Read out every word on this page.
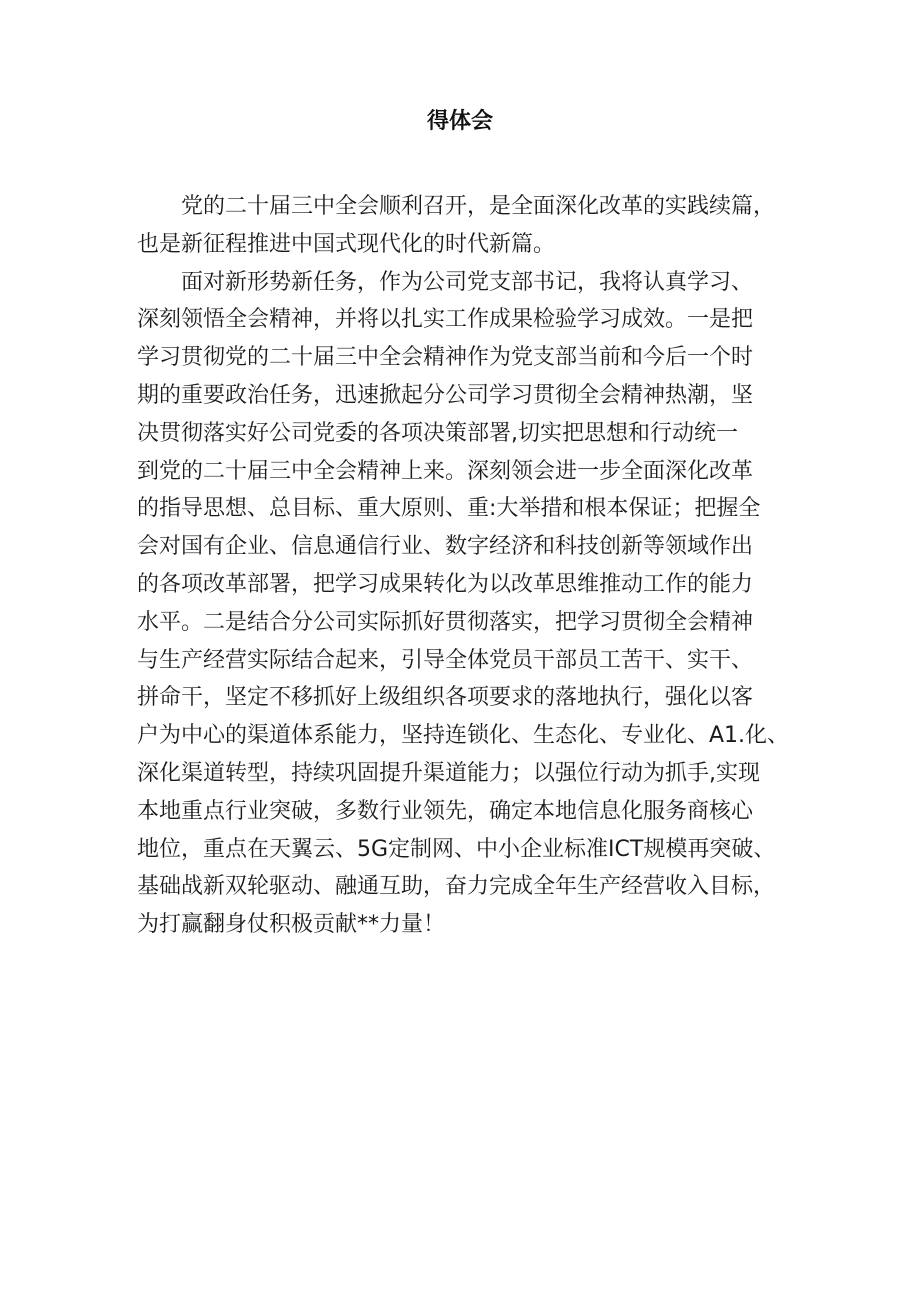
得体会
党的二十届三中全会顺利召开，是全面深化改革的实践续篇，
也是新征程推进中国式现代化的时代新篇。
面对新形势新任务，作为公司党支部书记，我将认真学习、
深刻领悟全会精神，并将以扎实工作成果检验学习成效。一是把
学习贯彻党的二十届三中全会精神作为党支部当前和今后一个时
期的重要政治任务，迅速掀起分公司学习贯彻全会精神热潮，坚
决贯彻落实好公司党委的各项决策部署,切实把思想和行动统一
到党的二十届三中全会精神上来。深刻领会进一步全面深化改革
的指导思想、总目标、重大原则、重:大举措和根本保证；把握全
会对国有企业、信息通信行业、数字经济和科技创新等领域作出
的各项改革部署，把学习成果转化为以改革思维推动工作的能力
水平。二是结合分公司实际抓好贯彻落实，把学习贯彻全会精神
与生产经营实际结合起来，引导全体党员干部员工苦干、实干、
拼命干，坚定不移抓好上级组织各项要求的落地执行，强化以客
户为中心的渠道体系能力，坚持连锁化、生态化、专业化、A1.化、
深化渠道转型，持续巩固提升渠道能力；以强位行动为抓手,实现
本地重点行业突破，多数行业领先，确定本地信息化服务商核心
地位，重点在天翼云、5G定制网、中小企业标准ICT规模再突破、
基础战新双轮驱动、融通互助，奋力完成全年生产经营收入目标，
为打赢翻身仗积极贡献**力量！
